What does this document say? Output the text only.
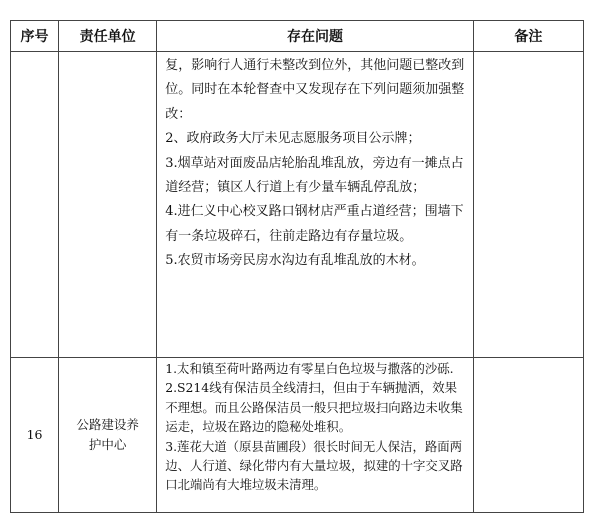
序号	责任单位	存在问题	备注

		复，影响行人通行未整改到位外，其他问题已整改到位。同时在本轮督查中又发现存在下列问题须加强整改：

2、政府政务大厅未见志愿服务项目公示牌；

3.烟草站对面废品店轮胎乱堆乱放，旁边有一摊点占道经营；镇区人行道上有少量车辆乱停乱放；

4.进仁义中心校叉路口钢材店严重占道经营；围墙下有一条垃圾碎石，往前走路边有存量垃圾。

5.农贸市场旁民房水沟边有乱堆乱放的木材。	

16	公路建设养护中心	1.太和镇至荷叶路两边有零星白色垃圾与撒落的沙砾.

2.S214线有保洁员全线清扫，但由于车辆抛洒，效果不理想。而且公路保洁员一般只把垃圾扫向路边未收集运走，垃圾在路边的隐秘处堆积。

3.莲花大道（原县苗圃段）很长时间无人保洁，路面两边、人行道、绿化带内有大量垃圾，拟建的十字交叉路口北端尚有大堆垃圾未清理。	
